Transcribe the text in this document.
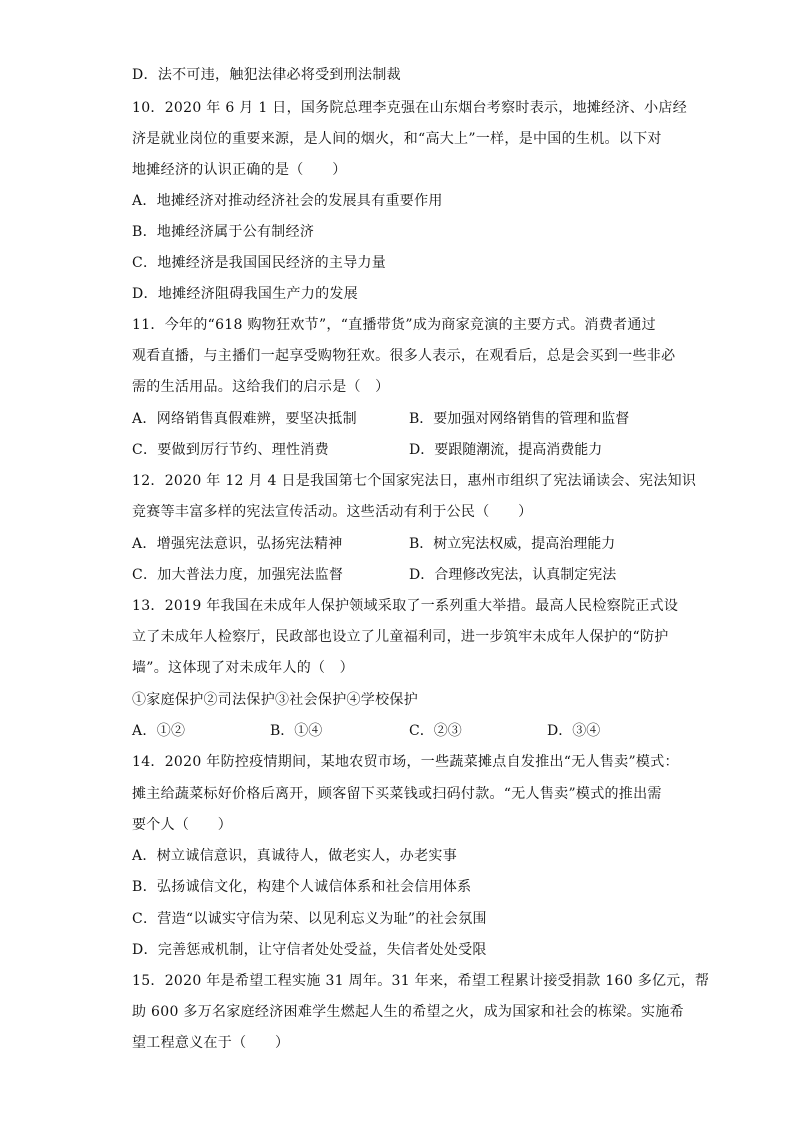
D．法不可违，触犯法律必将受到刑法制裁
10．2020 年 6 月 1 日，国务院总理李克强在山东烟台考察时表示，地摊经济、小店经
济是就业岗位的重要来源，是人间的烟火，和“高大上”一样，是中国的生机。以下对
地摊经济的认识正确的是（　　）
A．地摊经济对推动经济社会的发展具有重要作用
B．地摊经济属于公有制经济
C．地摊经济是我国国民经济的主导力量
D．地摊经济阻碍我国生产力的发展
11．今年的“618 购物狂欢节”，“直播带货”成为商家竞演的主要方式。消费者通过
观看直播，与主播们一起享受购物狂欢。很多人表示，在观看后，总是会买到一些非必
需的生活用品。这给我们的启示是（　）
A．网络销售真假难辨，要坚决抵制	B．要加强对网络销售的管理和监督
C．要做到厉行节约、理性消费	D．要跟随潮流，提高消费能力
12．2020 年 12 月 4 日是我国第七个国家宪法日，惠州市组织了宪法诵读会、宪法知识
竞赛等丰富多样的宪法宣传活动。这些活动有利于公民（　　）
A．增强宪法意识，弘扬宪法精神	B．树立宪法权威，提高治理能力
C．加大普法力度，加强宪法监督	D．合理修改宪法，认真制定宪法
13．2019 年我国在未成年人保护领域采取了一系列重大举措。最高人民检察院正式设
立了未成年人检察厅，民政部也设立了儿童福利司，进一步筑牢未成年人保护的“防护
墙”。这体现了对未成年人的（　）
①家庭保护②司法保护③社会保护④学校保护
A．①②	B．①④	C．②③	D．③④
14．2020 年防控疫情期间，某地农贸市场，一些蔬菜摊点自发推出“无人售卖”模式：
摊主给蔬菜标好价格后离开，顾客留下买菜钱或扫码付款。“无人售卖”模式的推出需
要个人（　　）
A．树立诚信意识，真诚待人，做老实人，办老实事
B．弘扬诚信文化，构建个人诚信体系和社会信用体系
C．营造“以诚实守信为荣、以见利忘义为耻”的社会氛围
D．完善惩戒机制，让守信者处处受益，失信者处处受限
15．2020 年是希望工程实施 31 周年。31 年来，希望工程累计接受捐款 160 多亿元，帮
助 600 多万名家庭经济困难学生燃起人生的希望之火，成为国家和社会的栋梁。实施希
望工程意义在于（　　）
